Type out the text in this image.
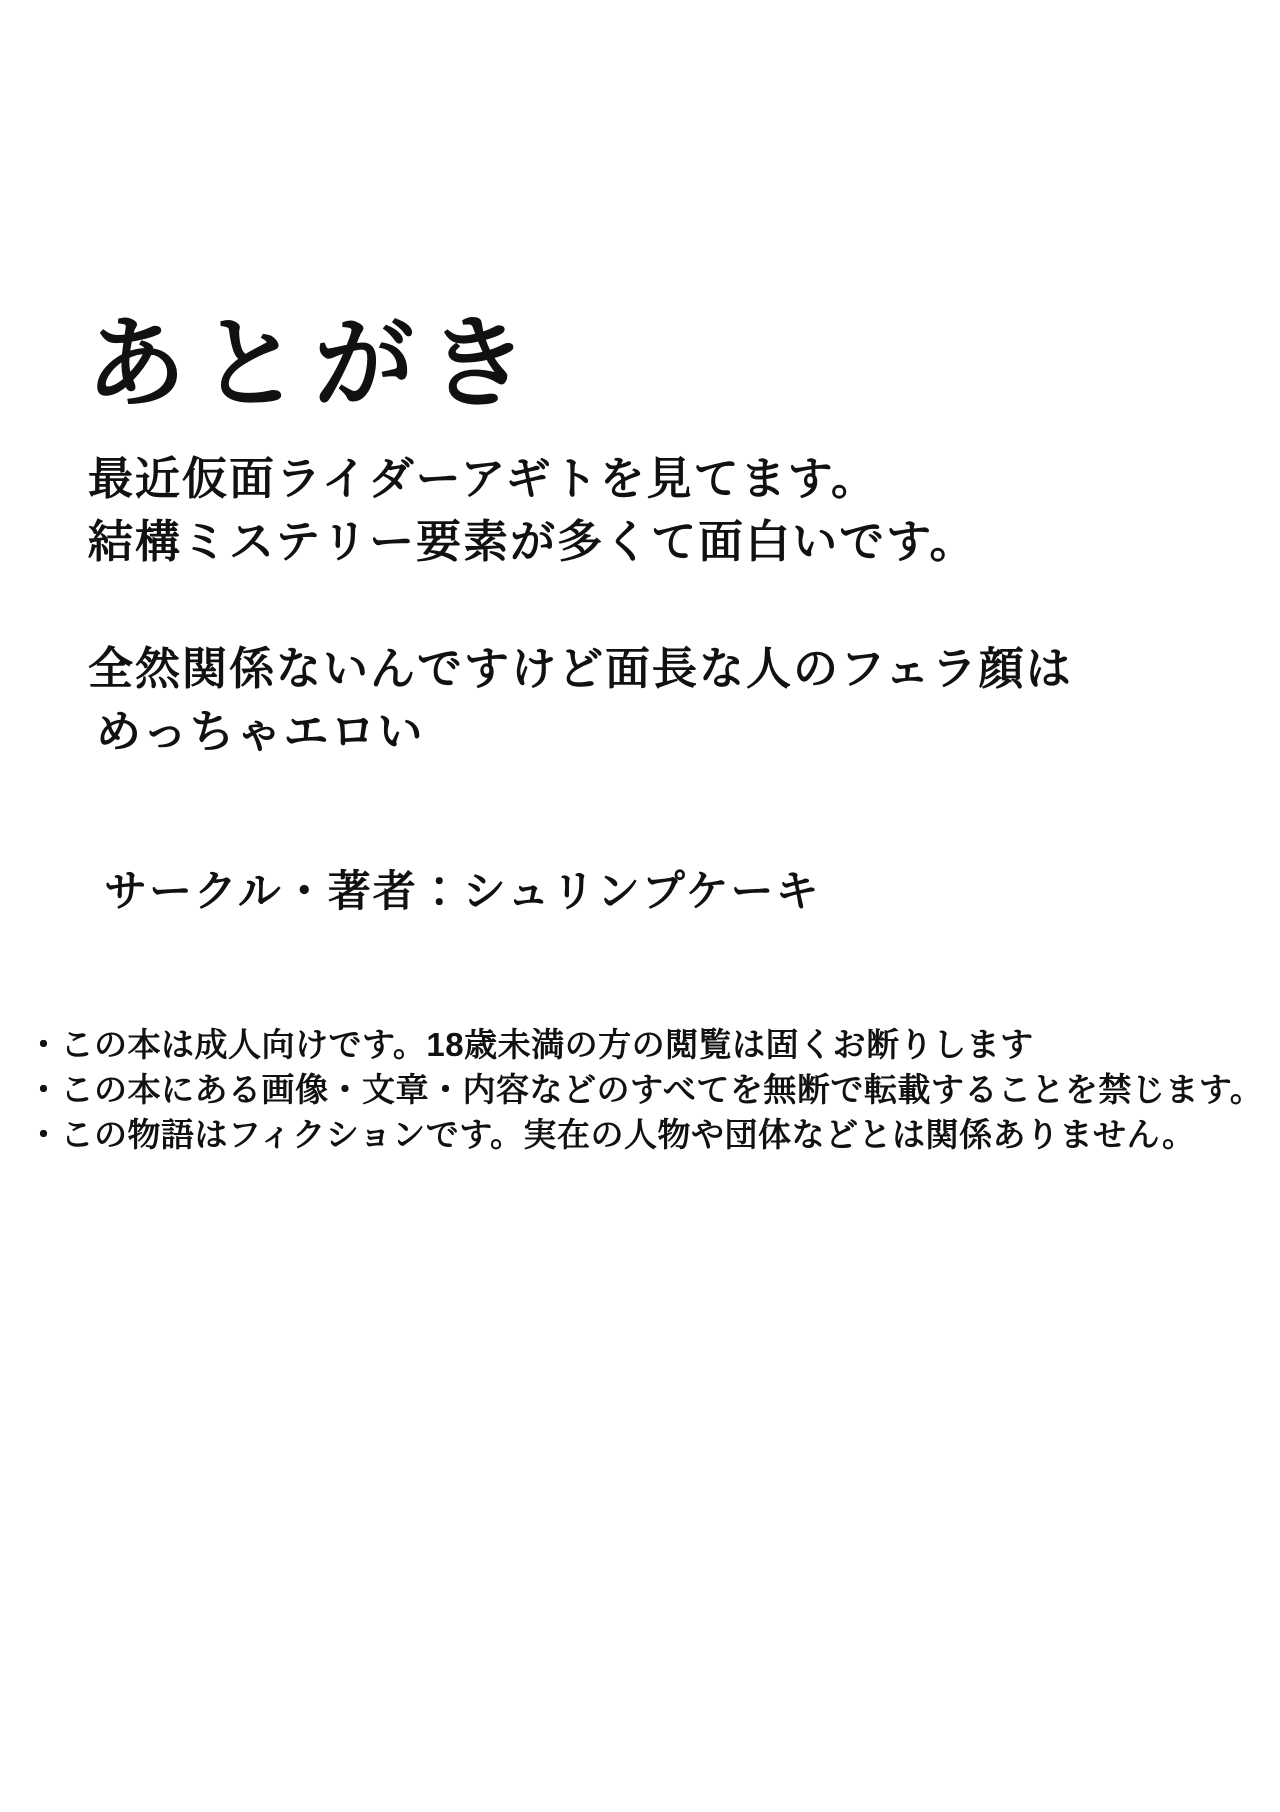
あとがき
最近仮面ライダーアギトを見てます。
結構ミステリー要素が多くて面白いです。
全然関係ないんですけど面長な人のフェラ顔は
めっちゃエロい
サークル・著者：シュリンプケーキ
・この本は成人向けです。18歳未満の方の閲覧は固くお断りします
・この本にある画像・文章・内容などのすべてを無断で転載することを禁じます。
・この物語はフィクションです。実在の人物や団体などとは関係ありません。
